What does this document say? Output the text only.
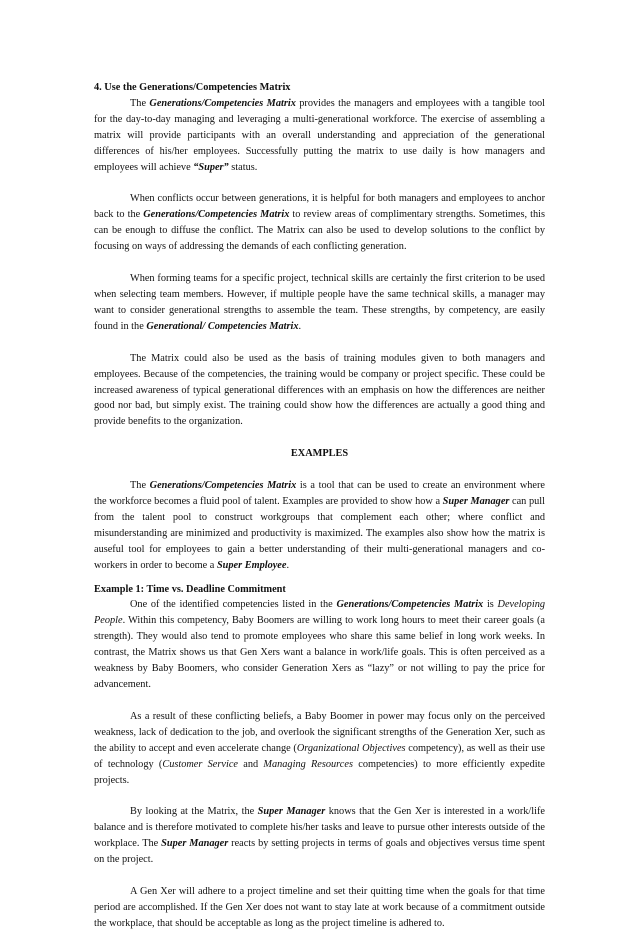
4. Use the Generations/Competencies Matrix

The Generations/Competencies Matrix provides the managers and employees with a tangible tool for the day-to-day managing and leveraging a multi-generational workforce. The exercise of assembling a matrix will provide participants with an overall understanding and appreciation of the generational differences of his/her employees. Successfully putting the matrix to use daily is how managers and employees will achieve “Super” status.

When conflicts occur between generations, it is helpful for both managers and employees to anchor back to the Generations/Competencies Matrix to review areas of complimentary strengths. Sometimes, this can be enough to diffuse the conflict. The Matrix can also be used to develop solutions to the conflict by focusing on ways of addressing the demands of each conflicting generation.

When forming teams for a specific project, technical skills are certainly the first criterion to be used when selecting team members. However, if multiple people have the same technical skills, a manager may want to consider generational strengths to assemble the team. These strengths, by competency, are easily found in the Generational/ Competencies Matrix.

The Matrix could also be used as the basis of training modules given to both managers and employees. Because of the competencies, the training would be company or project specific. These could be increased awareness of typical generational differences with an emphasis on how the differences are neither good nor bad, but simply exist. The training could show how the differences are actually a good thing and provide benefits to the organization.

EXAMPLES

The Generations/Competencies Matrix is a tool that can be used to create an environment where the workforce becomes a fluid pool of talent. Examples are provided to show how a Super Manager can pull from the talent pool to construct workgroups that complement each other; where conflict and misunderstanding are minimized and productivity is maximized. The examples also show how the matrix is auseful tool for employees to gain a better understanding of their multi-generational managers and co-workers in order to become a Super Employee.

Example 1: Time vs. Deadline Commitment

One of the identified competencies listed in the Generations/Competencies Matrix is Developing People. Within this competency, Baby Boomers are willing to work long hours to meet their career goals (a strength). They would also tend to promote employees who share this same belief in long work weeks. In contrast, the Matrix shows us that Gen Xers want a balance in work/life goals. This is often perceived as a weakness by Baby Boomers, who consider Generation Xers as “lazy” or not willing to pay the price for advancement.

As a result of these conflicting beliefs, a Baby Boomer in power may focus only on the perceived weakness, lack of dedication to the job, and overlook the significant strengths of the Generation Xer, such as the ability to accept and even accelerate change (Organizational Objectives competency), as well as their use of technology (Customer Service and Managing Resources competencies) to more efficiently expedite projects.

By looking at the Matrix, the Super Manager knows that the Gen Xer is interested in a work/life balance and is therefore motivated to complete his/her tasks and leave to pursue other interests outside of the workplace. The Super Manager reacts by setting projects in terms of goals and objectives versus time spent on the project.

A Gen Xer will adhere to a project timeline and set their quitting time when the goals for that time period are accomplished. If the Gen Xer does not want to stay late at work because of a commitment outside the workplace, that should be acceptable as long as the project timeline is adhered to.
